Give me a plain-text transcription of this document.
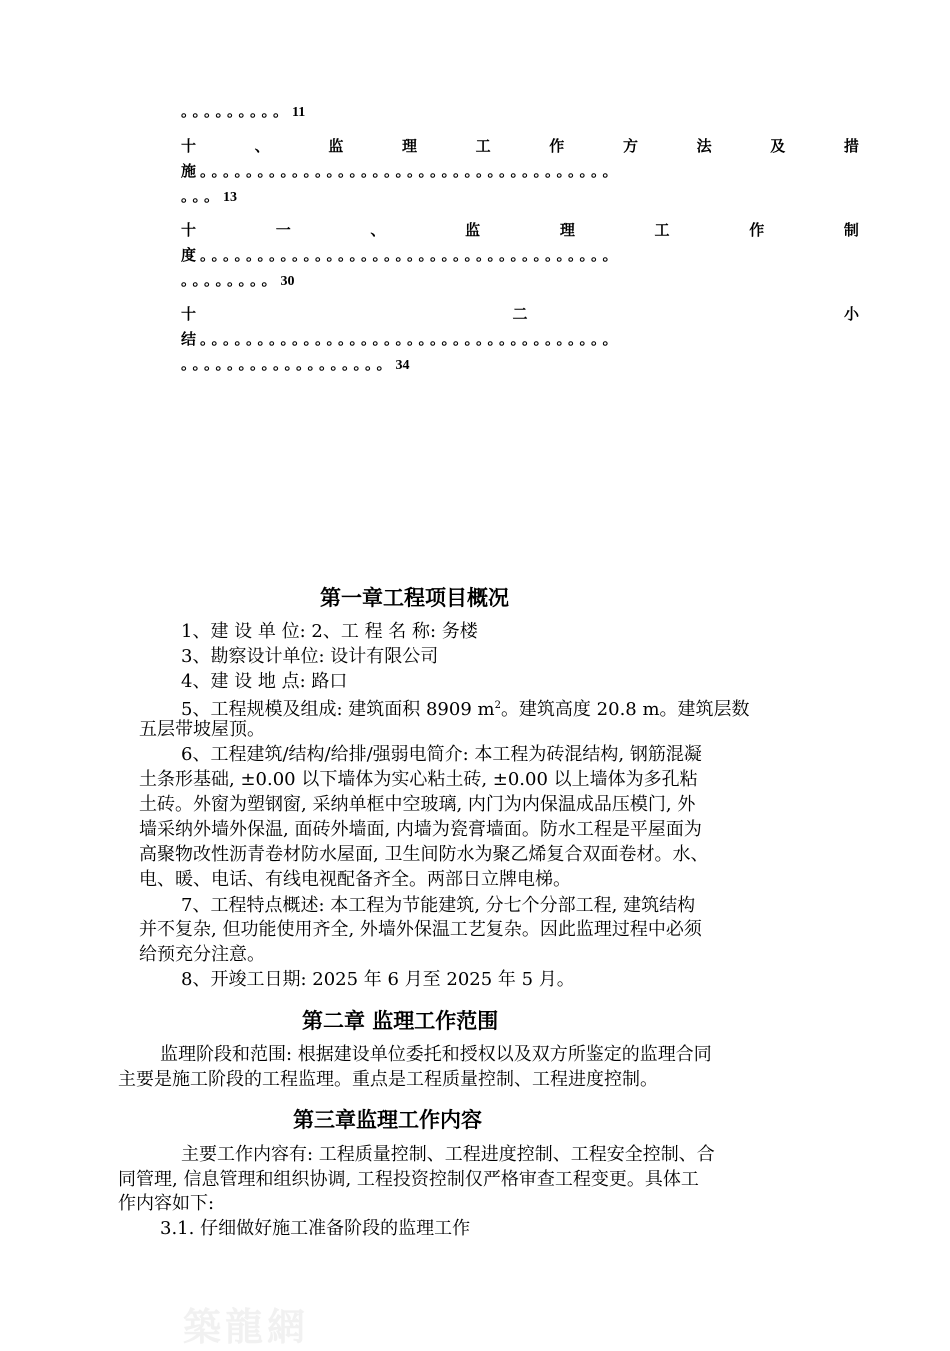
。。。。。。。。。11
十	、	监	理	工	作	方	法	及	措
施。。。。。。。。。。。。。。。。。。。。。。。。。。。。。。。。。。。。
。。。13
十	一	、	监	理	工	作	制
度。。。。。。。。。。。。。。。。。。。。。。。。。。。。。。。。。。。。
。。。。。。。。30
十	二	小
结。。。。。。。。。。。。。。。。。。。。。。。。。。。。。。。。。。。。
。。。。。。。。。。。。。。。。。。34
第一章工程项目概况
1、建 设 单 位: 2、工 程 名 称: 务楼
3、勘察设计单位: 设计有限公司
4、建 设 地 点: 路口
5、工程规模及组成: 建筑面积 8909 $m^2$。建筑高度 20.8 m。建筑层数
五层带坡屋顶。
6、工程建筑/结构/给排/强弱电简介: 本工程为砖混结构, 钢筋混凝
土条形基础, ±0.00 以下墙体为实心粘土砖, ±0.00 以上墙体为多孔粘
土砖。外窗为塑钢窗, 采纳单框中空玻璃, 内门为内保温成品压模门, 外
墙采纳外墙外保温, 面砖外墙面, 内墙为瓷膏墙面。防水工程是平屋面为
高聚物改性沥青卷材防水屋面, 卫生间防水为聚乙烯复合双面卷材。水、
电、暖、电话、有线电视配备齐全。两部日立牌电梯。
7、工程特点概述: 本工程为节能建筑, 分七个分部工程, 建筑结构
并不复杂, 但功能使用齐全, 外墙外保温工艺复杂。因此监理过程中必须
给预充分注意。
8、开竣工日期: 2025 年 6 月至 2025 年 5 月。
第二章 监理工作范围
监理阶段和范围: 根据建设单位委托和授权以及双方所鉴定的监理合同
主要是施工阶段的工程监理。重点是工程质量控制、工程进度控制。
第三章监理工作内容
主要工作内容有: 工程质量控制、工程进度控制、工程安全控制、合
同管理, 信息管理和组织协调, 工程投资控制仅严格审查工程变更。具体工
作内容如下:
3.1. 仔细做好施工准备阶段的监理工作
築龍網
